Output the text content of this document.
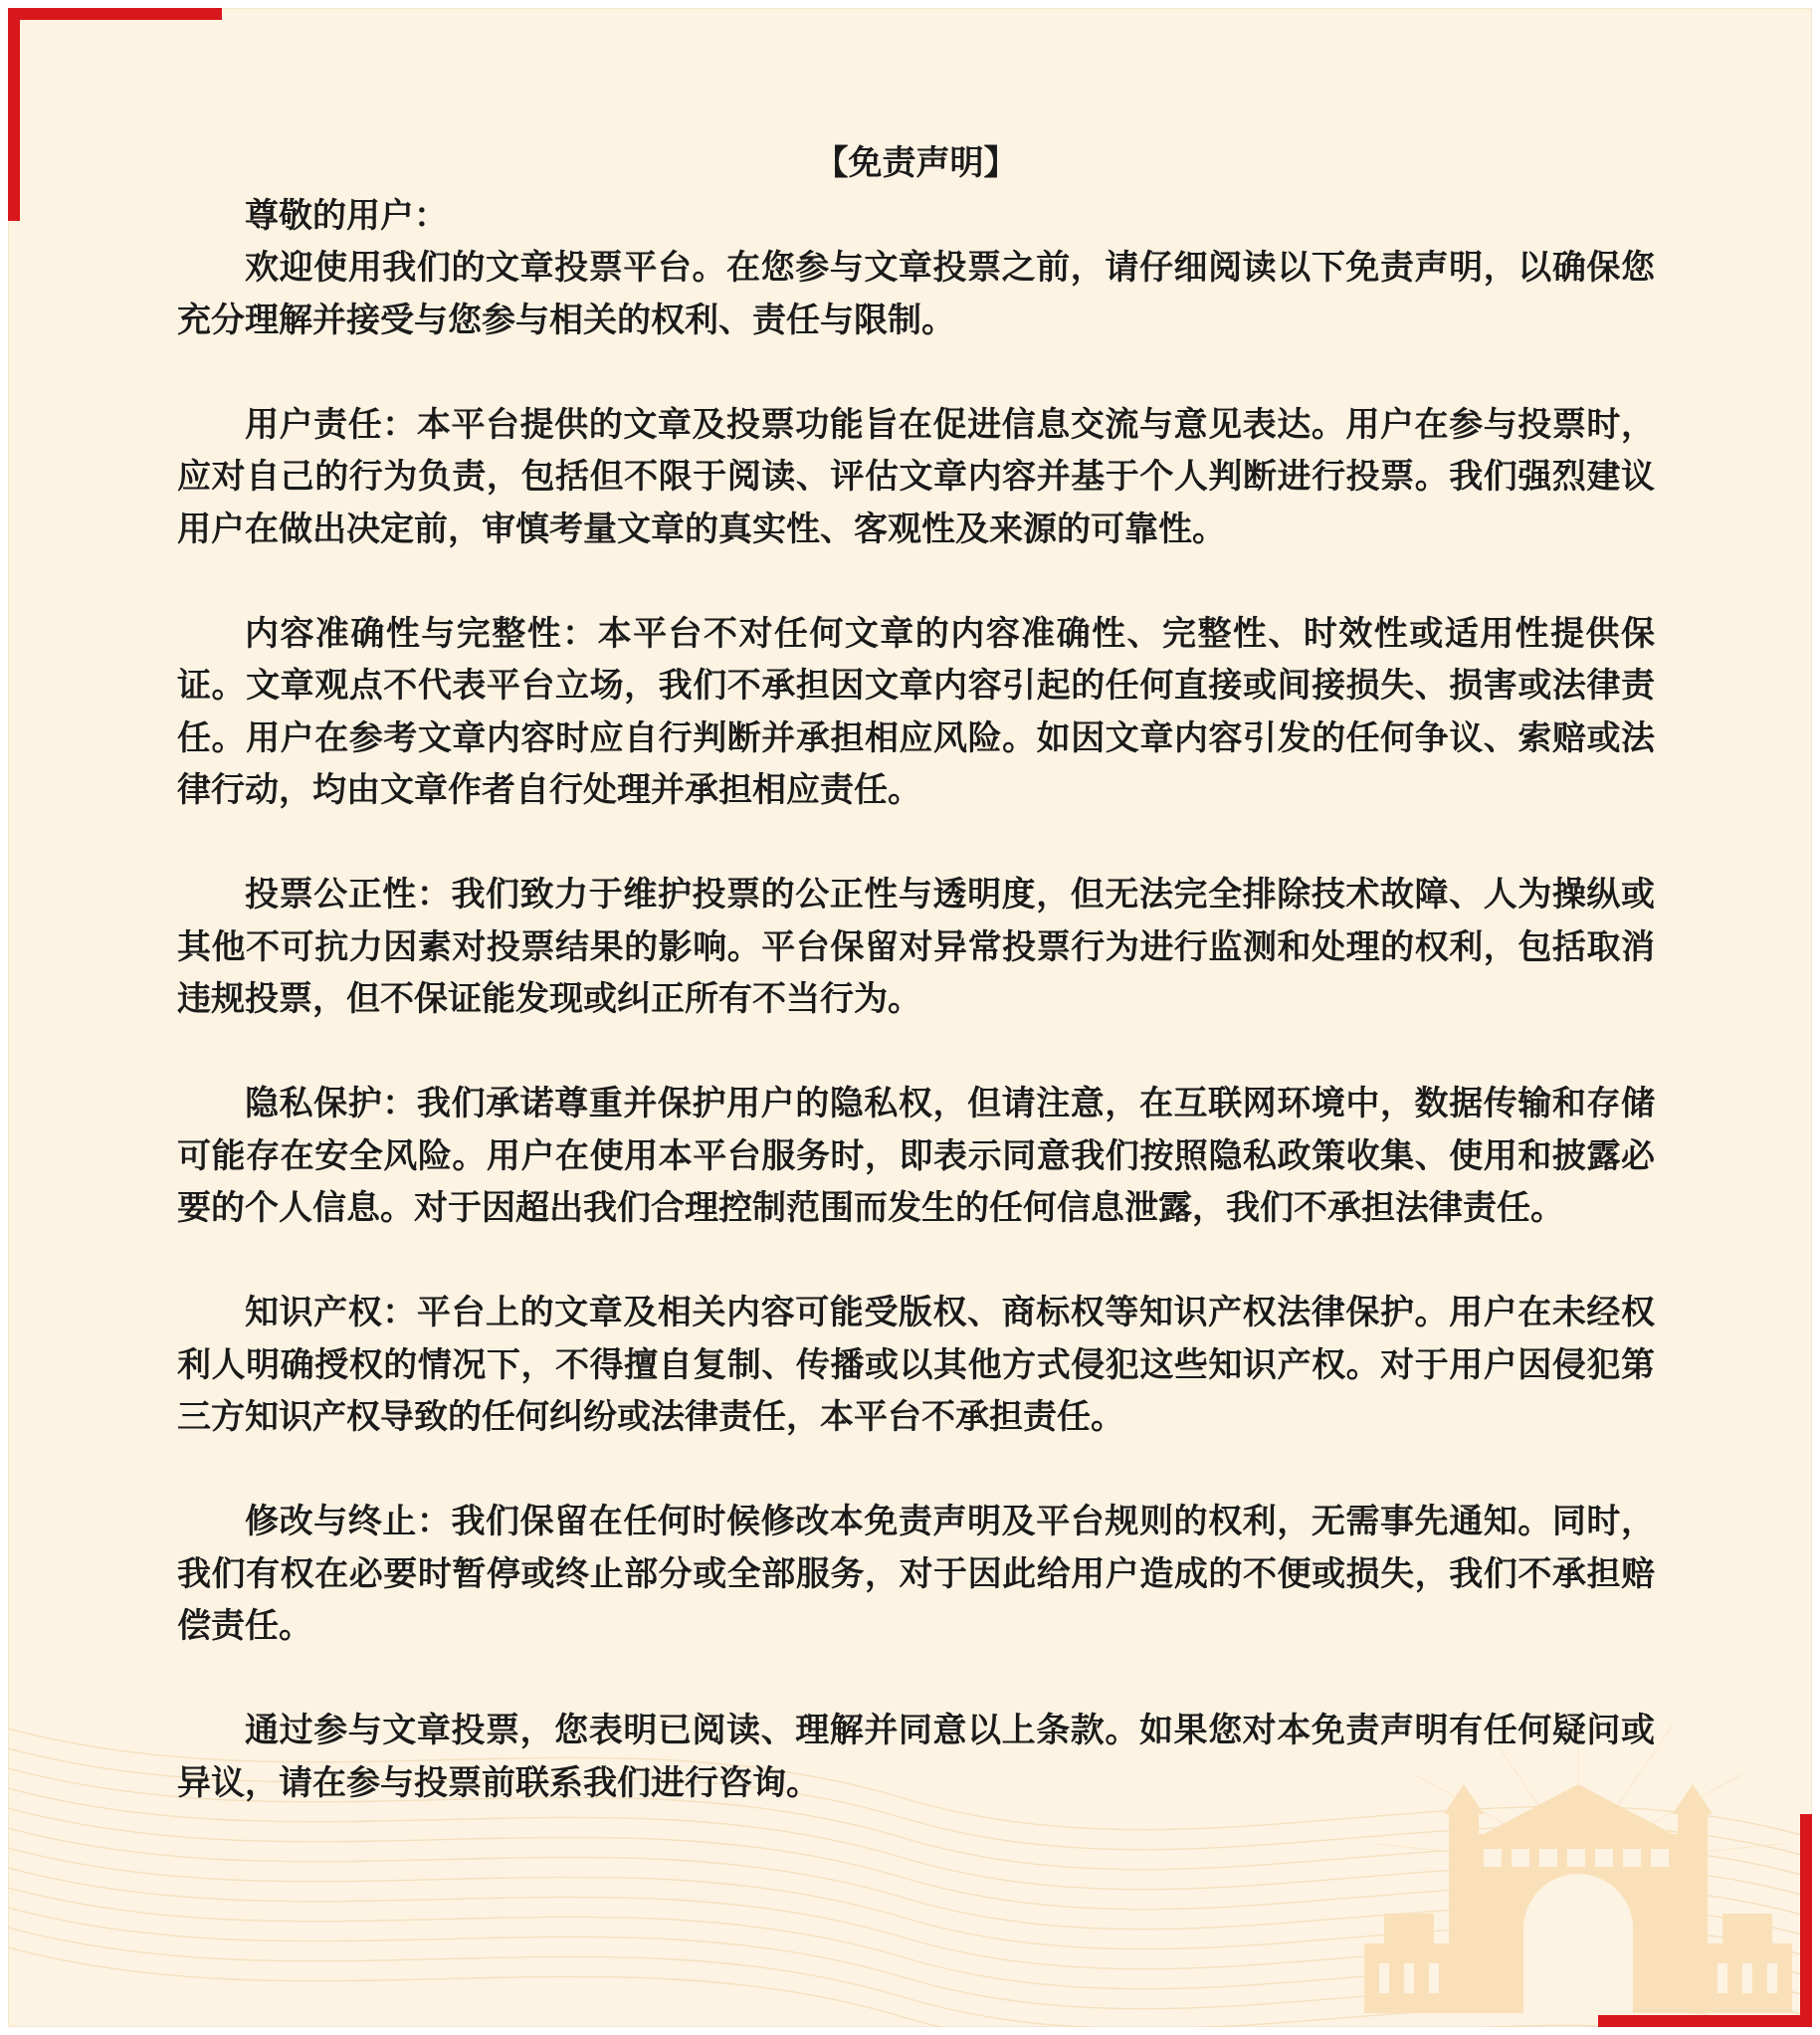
【免责声明】

尊敬的用户：

欢迎使用我们的文章投票平台。在您参与文章投票之前，请仔细阅读以下免责声明，以确保您充分理解并接受与您参与相关的权利、责任与限制。

用户责任：本平台提供的文章及投票功能旨在促进信息交流与意见表达。用户在参与投票时，应对自己的行为负责，包括但不限于阅读、评估文章内容并基于个人判断进行投票。我们强烈建议用户在做出决定前，审慎考量文章的真实性、客观性及来源的可靠性。

内容准确性与完整性：本平台不对任何文章的内容准确性、完整性、时效性或适用性提供保证。文章观点不代表平台立场，我们不承担因文章内容引起的任何直接或间接损失、损害或法律责任。用户在参考文章内容时应自行判断并承担相应风险。如因文章内容引发的任何争议、索赔或法律行动，均由文章作者自行处理并承担相应责任。

投票公正性：我们致力于维护投票的公正性与透明度，但无法完全排除技术故障、人为操纵或其他不可抗力因素对投票结果的影响。平台保留对异常投票行为进行监测和处理的权利，包括取消违规投票，但不保证能发现或纠正所有不当行为。

隐私保护：我们承诺尊重并保护用户的隐私权，但请注意，在互联网环境中，数据传输和存储可能存在安全风险。用户在使用本平台服务时，即表示同意我们按照隐私政策收集、使用和披露必要的个人信息。对于因超出我们合理控制范围而发生的任何信息泄露，我们不承担法律责任。

知识产权：平台上的文章及相关内容可能受版权、商标权等知识产权法律保护。用户在未经权利人明确授权的情况下，不得擅自复制、传播或以其他方式侵犯这些知识产权。对于用户因侵犯第三方知识产权导致的任何纠纷或法律责任，本平台不承担责任。

修改与终止：我们保留在任何时候修改本免责声明及平台规则的权利，无需事先通知。同时，我们有权在必要时暂停或终止部分或全部服务，对于因此给用户造成的不便或损失，我们不承担赔偿责任。

通过参与文章投票，您表明已阅读、理解并同意以上条款。如果您对本免责声明有任何疑问或异议，请在参与投票前联系我们进行咨询。
